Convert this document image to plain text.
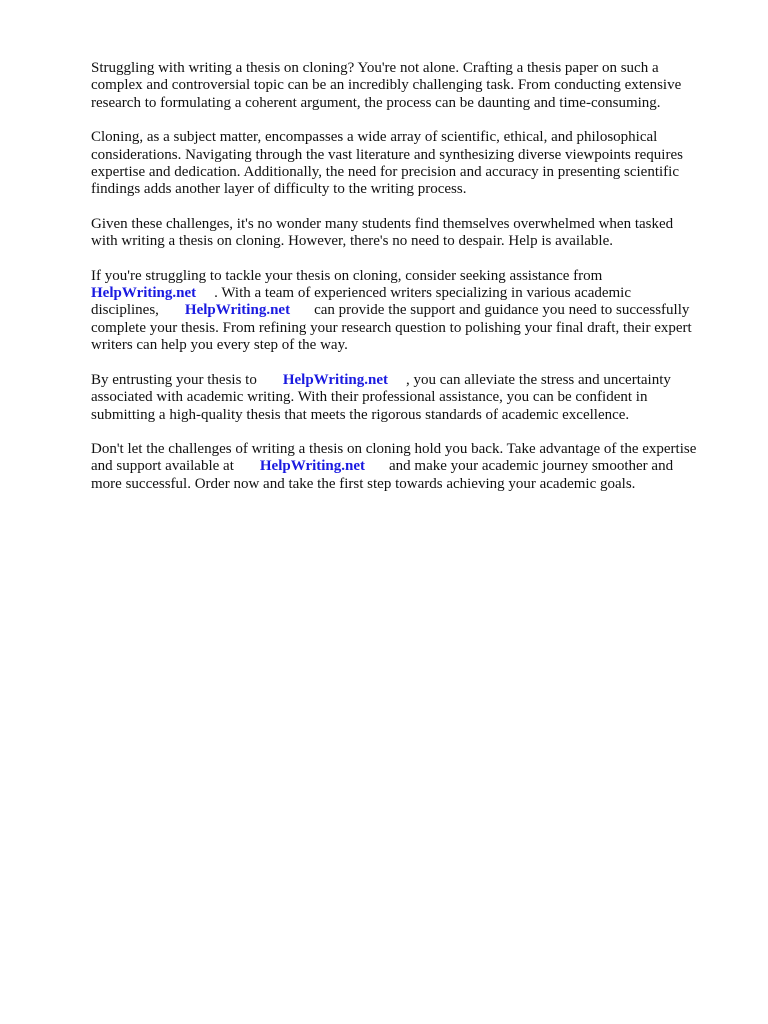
Struggling with writing a thesis on cloning? You're not alone. Crafting a thesis paper on such a
complex and controversial topic can be an incredibly challenging task. From conducting extensive
research to formulating a coherent argument, the process can be daunting and time-consuming.

Cloning, as a subject matter, encompasses a wide array of scientific, ethical, and philosophical
considerations. Navigating through the vast literature and synthesizing diverse viewpoints requires
expertise and dedication. Additionally, the need for precision and accuracy in presenting scientific
findings adds another layer of difficulty to the writing process.

Given these challenges, it's no wonder many students find themselves overwhelmed when tasked
with writing a thesis on cloning. However, there's no need to despair. Help is available.

If you're struggling to tackle your thesis on cloning, consider seeking assistance from
HelpWriting.net . With a team of experienced writers specializing in various academic
disciplines, HelpWriting.net can provide the support and guidance you need to successfully
complete your thesis. From refining your research question to polishing your final draft, their expert
writers can help you every step of the way.

By entrusting your thesis to HelpWriting.net , you can alleviate the stress and uncertainty
associated with academic writing. With their professional assistance, you can be confident in
submitting a high-quality thesis that meets the rigorous standards of academic excellence.

Don't let the challenges of writing a thesis on cloning hold you back. Take advantage of the expertise
and support available at HelpWriting.net and make your academic journey smoother and
more successful. Order now and take the first step towards achieving your academic goals.
